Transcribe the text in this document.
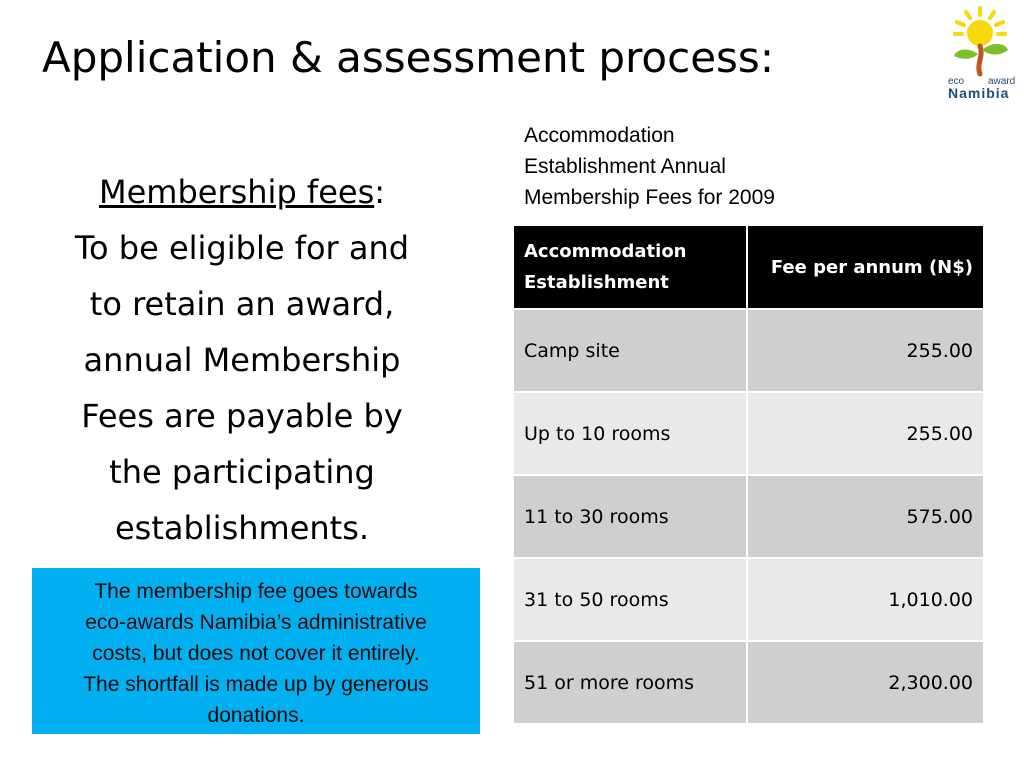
Application & assessment process:	eco award
Namibia
Membership fees:
To be eligible for and
to retain an award,
annual Membership
Fees are payable by
the participating
establishments.
The membership fee goes towards
eco-awards Namibia’s administrative
costs, but does not cover it entirely.
The shortfall is made up by generous
donations.
Accommodation
Establishment Annual
Membership Fees for 2009
Accommodation
Establishment	Fee per annum (N$)
Camp site	255.00
Up to 10 rooms	255.00
11 to 30 rooms	575.00
31 to 50 rooms	1,010.00
51 or more rooms	2,300.00
